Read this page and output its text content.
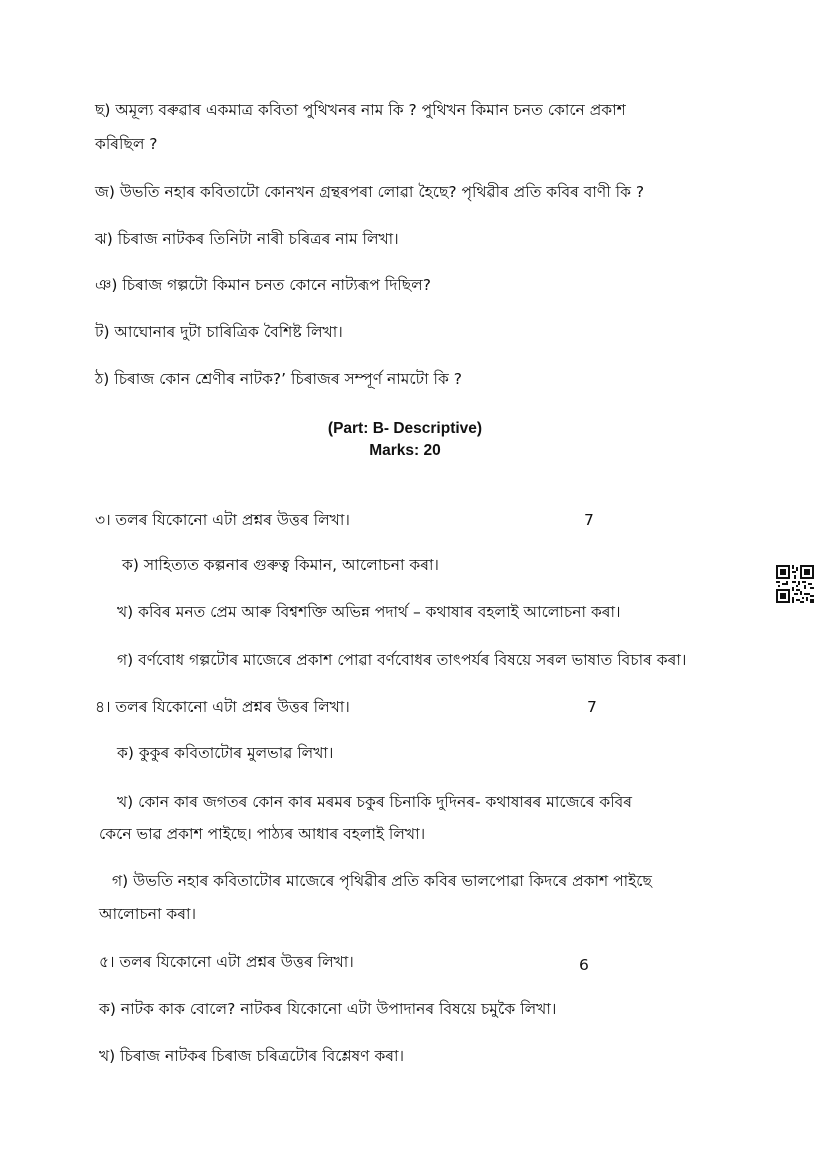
ছ) অমূল্য বৰুৱাৰ একমাত্ৰ কবিতা পুথিখনৰ নাম কি ? পুথিখন কিমান চনত কোনে প্ৰকাশ
কৰিছিল ?
জ) উভতি নহাৰ কবিতাটো কোনখন গ্ৰন্থৰপৰা লোৱা হৈছে? পৃথিৱীৰ প্ৰতি কবিৰ বাণী কি ?
ঝ) চিৰাজ নাটকৰ তিনিটা নাৰী চৰিত্ৰৰ নাম লিখা।
ঞ) চিৰাজ গল্পটো কিমান চনত কোনে নাট্যৰূপ দিছিল?
ট) আঘোনাৰ দুটা চাৰিত্ৰিক বৈশিষ্ট লিখা।
ঠ) চিৰাজ কোন শ্ৰেণীৰ নাটক?’ চিৰাজৰ সম্পূৰ্ণ নামটো কি ?
(Part: B- Descriptive)
Marks: 20
৩। তলৰ যিকোনো এটা প্ৰশ্নৰ উত্তৰ লিখা।	7
ক) সাহিত্যত কল্পনাৰ গুৰুত্ব কিমান, আলোচনা কৰা।
খ) কবিৰ মনত প্ৰেম আৰু বিশ্বশক্তি অভিন্ন পদাৰ্থ – কথাষাৰ বহলাই আলোচনা কৰা।
গ) বৰ্ণবোধ গল্পটোৰ মাজেৰে প্ৰকাশ পোৱা বৰ্ণবোধৰ তাৎপৰ্যৰ বিষয়ে সৰল ভাষাত বিচাৰ কৰা।
৪। তলৰ যিকোনো এটা প্ৰশ্নৰ উত্তৰ লিখা।	7
ক) কুকুৰ কবিতাটোৰ মুলভাৱ লিখা।
খ) কোন কাৰ জগতৰ কোন কাৰ মৰমৰ চকুৰ চিনাকি দুদিনৰ- কথাষাৰৰ মাজেৰে কবিৰ
কেনে ভাৱ প্ৰকাশ পাইছে। পাঠ্যৰ আধাৰ বহলাই লিখা।
গ) উভতি নহাৰ কবিতাটোৰ মাজেৰে পৃথিৱীৰ প্ৰতি কবিৰ ভালপোৱা কিদৰে প্ৰকাশ পাইছে
আলোচনা কৰা।
৫। তলৰ যিকোনো এটা প্ৰশ্নৰ উত্তৰ লিখা।	6
ক) নাটক কাক বোলে? নাটকৰ যিকোনো এটা উপাদানৰ বিষয়ে চমুকৈ লিখা।
খ) চিৰাজ নাটকৰ চিৰাজ চৰিত্ৰটোৰ বিশ্লেষণ কৰা।
